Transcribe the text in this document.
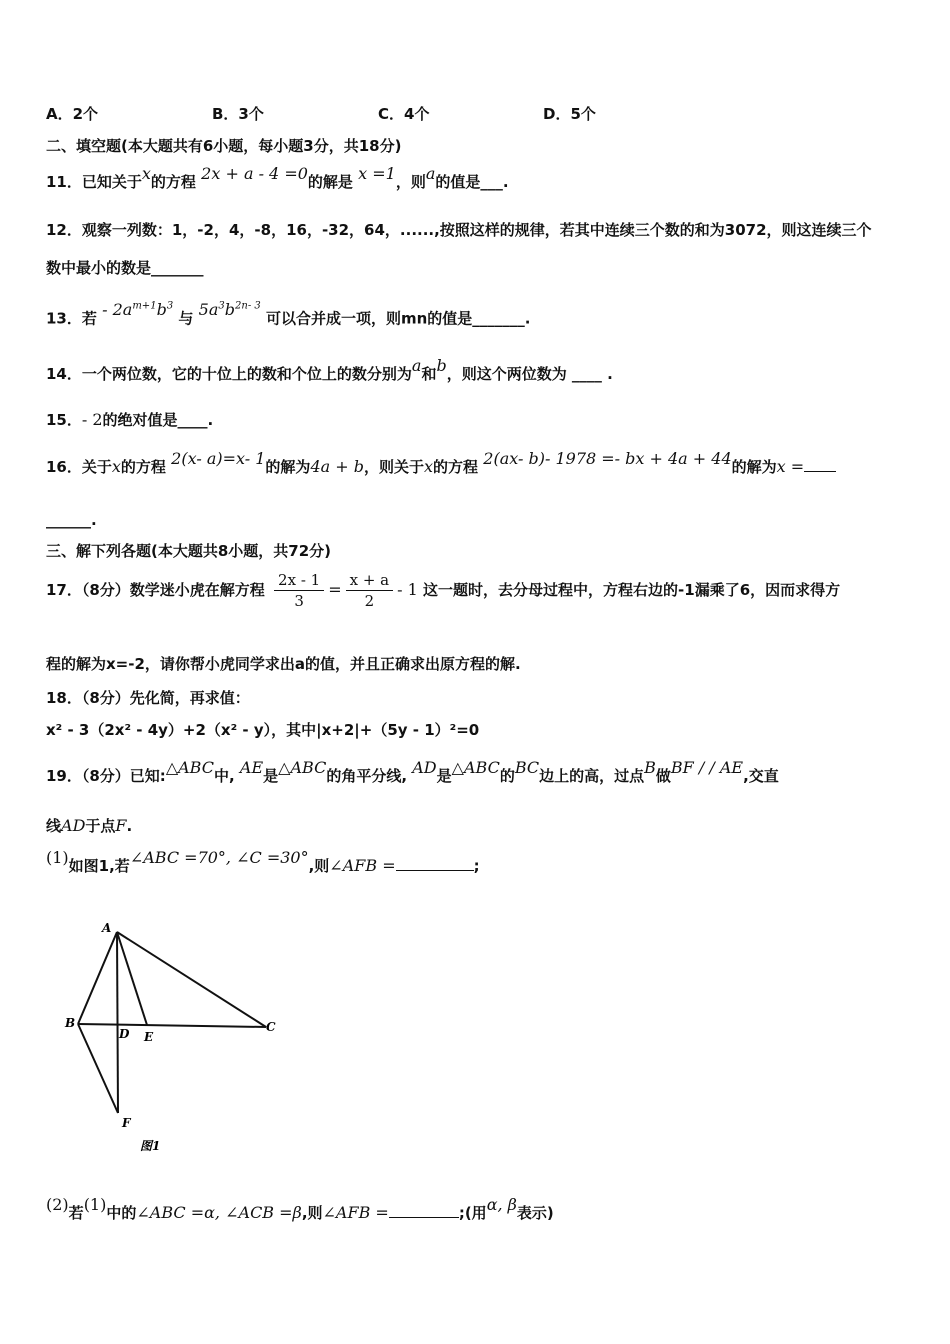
A．2个	B．3个	C．4个	D．5个
二、填空题(本大题共有6小题，每小题3分，共18分)
11．已知关于x的方程 2x + a - 4 =0的解是 x =1，则a的值是___.
12．观察一列数：1，-2，4，-8，16，-32，64，......,按照这样的规律，若其中连续三个数的和为3072，则这连续三个
数中最小的数是_______
13．若 - $2a^{m+1}b^3$ 与 $5a^3b^{2n- 3}$ 可以合并成一项，则mn的值是_______.
14．一个两位数，它的十位上的数和个位上的数分别为a和b，则这个两位数为 ____ .
15．- 2的绝对值是____.
16．关于x的方程 2(x- a)=x- 1的解为4a + b，则关于x的方程 2(ax- b)- 1978 =- bx + 4a + 44的解为x =
______.
三、解下列各题(本大题共8小题，共72分)
17．（8分）数学迷小虎在解方程 $\frac{2x - 1}{3} = \frac{x + a}{2} - 1$ 这一题时，去分母过程中，方程右边的-1漏乘了6，因而求得方
程的解为x=-2，请你帮小虎同学求出a的值，并且正确求出原方程的解.
18．（8分）先化简，再求值：
x² - 3（2x² - 4y）+2（x² - y），其中|x+2|+（5y - 1）²=0
19．（8分）已知:△ABC中, AE是△ABC的角平分线, AD是△ABC的BC边上的高，过点B做BF / / AE,交直
线AD于点F.
(1)如图1,若∠ABC =70°, ∠C =30°,则∠AFB =	;
A
B
D E
C
F
图1
(2)若(1)中的∠ABC =α, ∠ACB =β,则∠AFB =	;(用α, β表示)
